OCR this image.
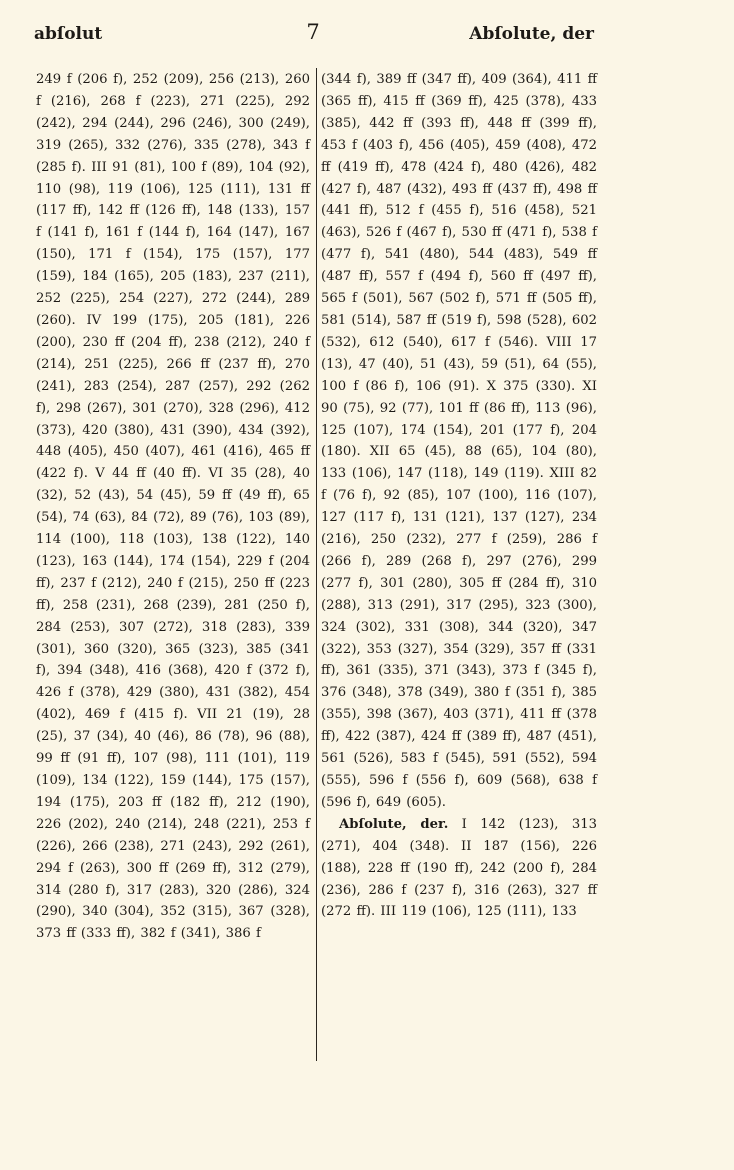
abſolut	7	Abſolute, der

249 f (206 f), 252 (209), 256 (213), 260 f (216), 268 f (223), 271 (225), 292 (242), 294 (244), 296 (246), 300 (249), 319 (265), 332 (276), 335 (278), 343 f (285 f). III 91 (81), 100 f (89), 104 (92), 110 (98), 119 (106), 125 (111), 131 ff (117 ff), 142 ff (126 ff), 148 (133), 157 f (141 f), 161 f (144 f), 164 (147), 167 (150), 171 f (154), 175 (157), 177 (159), 184 (165), 205 (183), 237 (211), 252 (225), 254 (227), 272 (244), 289 (260). IV 199 (175), 205 (181), 226 (200), 230 ff (204 ff), 238 (212), 240 f (214), 251 (225), 266 ff (237 ff), 270 (241), 283 (254), 287 (257), 292 (262 f), 298 (267), 301 (270), 328 (296), 412 (373), 420 (380), 431 (390), 434 (392), 448 (405), 450 (407), 461 (416), 465 ff (422 f). V 44 ff (40 ff). VI 35 (28), 40 (32), 52 (43), 54 (45), 59 ff (49 ff), 65 (54), 74 (63), 84 (72), 89 (76), 103 (89), 114 (100), 118 (103), 138 (122), 140 (123), 163 (144), 174 (154), 229 f (204 ff), 237 f (212), 240 f (215), 250 ff (223 ff), 258 (231), 268 (239), 281 (250 f), 284 (253), 307 (272), 318 (283), 339 (301), 360 (320), 365 (323), 385 (341 f), 394 (348), 416 (368), 420 f (372 f), 426 f (378), 429 (380), 431 (382), 454 (402), 469 f (415 f). VII 21 (19), 28 (25), 37 (34), 40 (46), 86 (78), 96 (88), 99 ff (91 ff), 107 (98), 111 (101), 119 (109), 134 (122), 159 (144), 175 (157), 194 (175), 203 ff (182 ff), 212 (190), 226 (202), 240 (214), 248 (221), 253 f (226), 266 (238), 271 (243), 292 (261), 294 f (263), 300 ff (269 ff), 312 (279), 314 (280 f), 317 (283), 320 (286), 324 (290), 340 (304), 352 (315), 367 (328), 373 ff (333 ff), 382 f (341), 386 f

(344 f), 389 ff (347 ff), 409 (364), 411 ff (365 ff), 415 ff (369 ff), 425 (378), 433 (385), 442 ff (393 ff), 448 ff (399 ff), 453 f (403 f), 456 (405), 459 (408), 472 ff (419 ff), 478 (424 f), 480 (426), 482 (427 f), 487 (432), 493 ff (437 ff), 498 ff (441 ff), 512 f (455 f), 516 (458), 521 (463), 526 f (467 f), 530 ff (471 f), 538 f (477 f), 541 (480), 544 (483), 549 ff (487 ff), 557 f (494 f), 560 ff (497 ff), 565 f (501), 567 (502 f), 571 ff (505 ff), 581 (514), 587 ff (519 f), 598 (528), 602 (532), 612 (540), 617 f (546). VIII 17 (13), 47 (40), 51 (43), 59 (51), 64 (55), 100 f (86 f), 106 (91). X 375 (330). XI 90 (75), 92 (77), 101 ff (86 ff), 113 (96), 125 (107), 174 (154), 201 (177 f), 204 (180). XII 65 (45), 88 (65), 104 (80), 133 (106), 147 (118), 149 (119). XIII 82 f (76 f), 92 (85), 107 (100), 116 (107), 127 (117 f), 131 (121), 137 (127), 234 (216), 250 (232), 277 f (259), 286 f (266 f), 289 (268 f), 297 (276), 299 (277 f), 301 (280), 305 ff (284 ff), 310 (288), 313 (291), 317 (295), 323 (300), 324 (302), 331 (308), 344 (320), 347 (322), 353 (327), 354 (329), 357 ff (331 ff), 361 (335), 371 (343), 373 f (345 f), 376 (348), 378 (349), 380 f (351 f), 385 (355), 398 (367), 403 (371), 411 ff (378 ff), 422 (387), 424 ff (389 ff), 487 (451), 561 (526), 583 f (545), 591 (552), 594 (555), 596 f (556 f), 609 (568), 638 f (596 f), 649 (605).

Abſolute, der. I 142 (123), 313 (271), 404 (348). II 187 (156), 226 (188), 228 ff (190 ff), 242 (200 f), 284 (236), 286 f (237 f), 316 (263), 327 ff (272 ff). III 119 (106), 125 (111), 133
